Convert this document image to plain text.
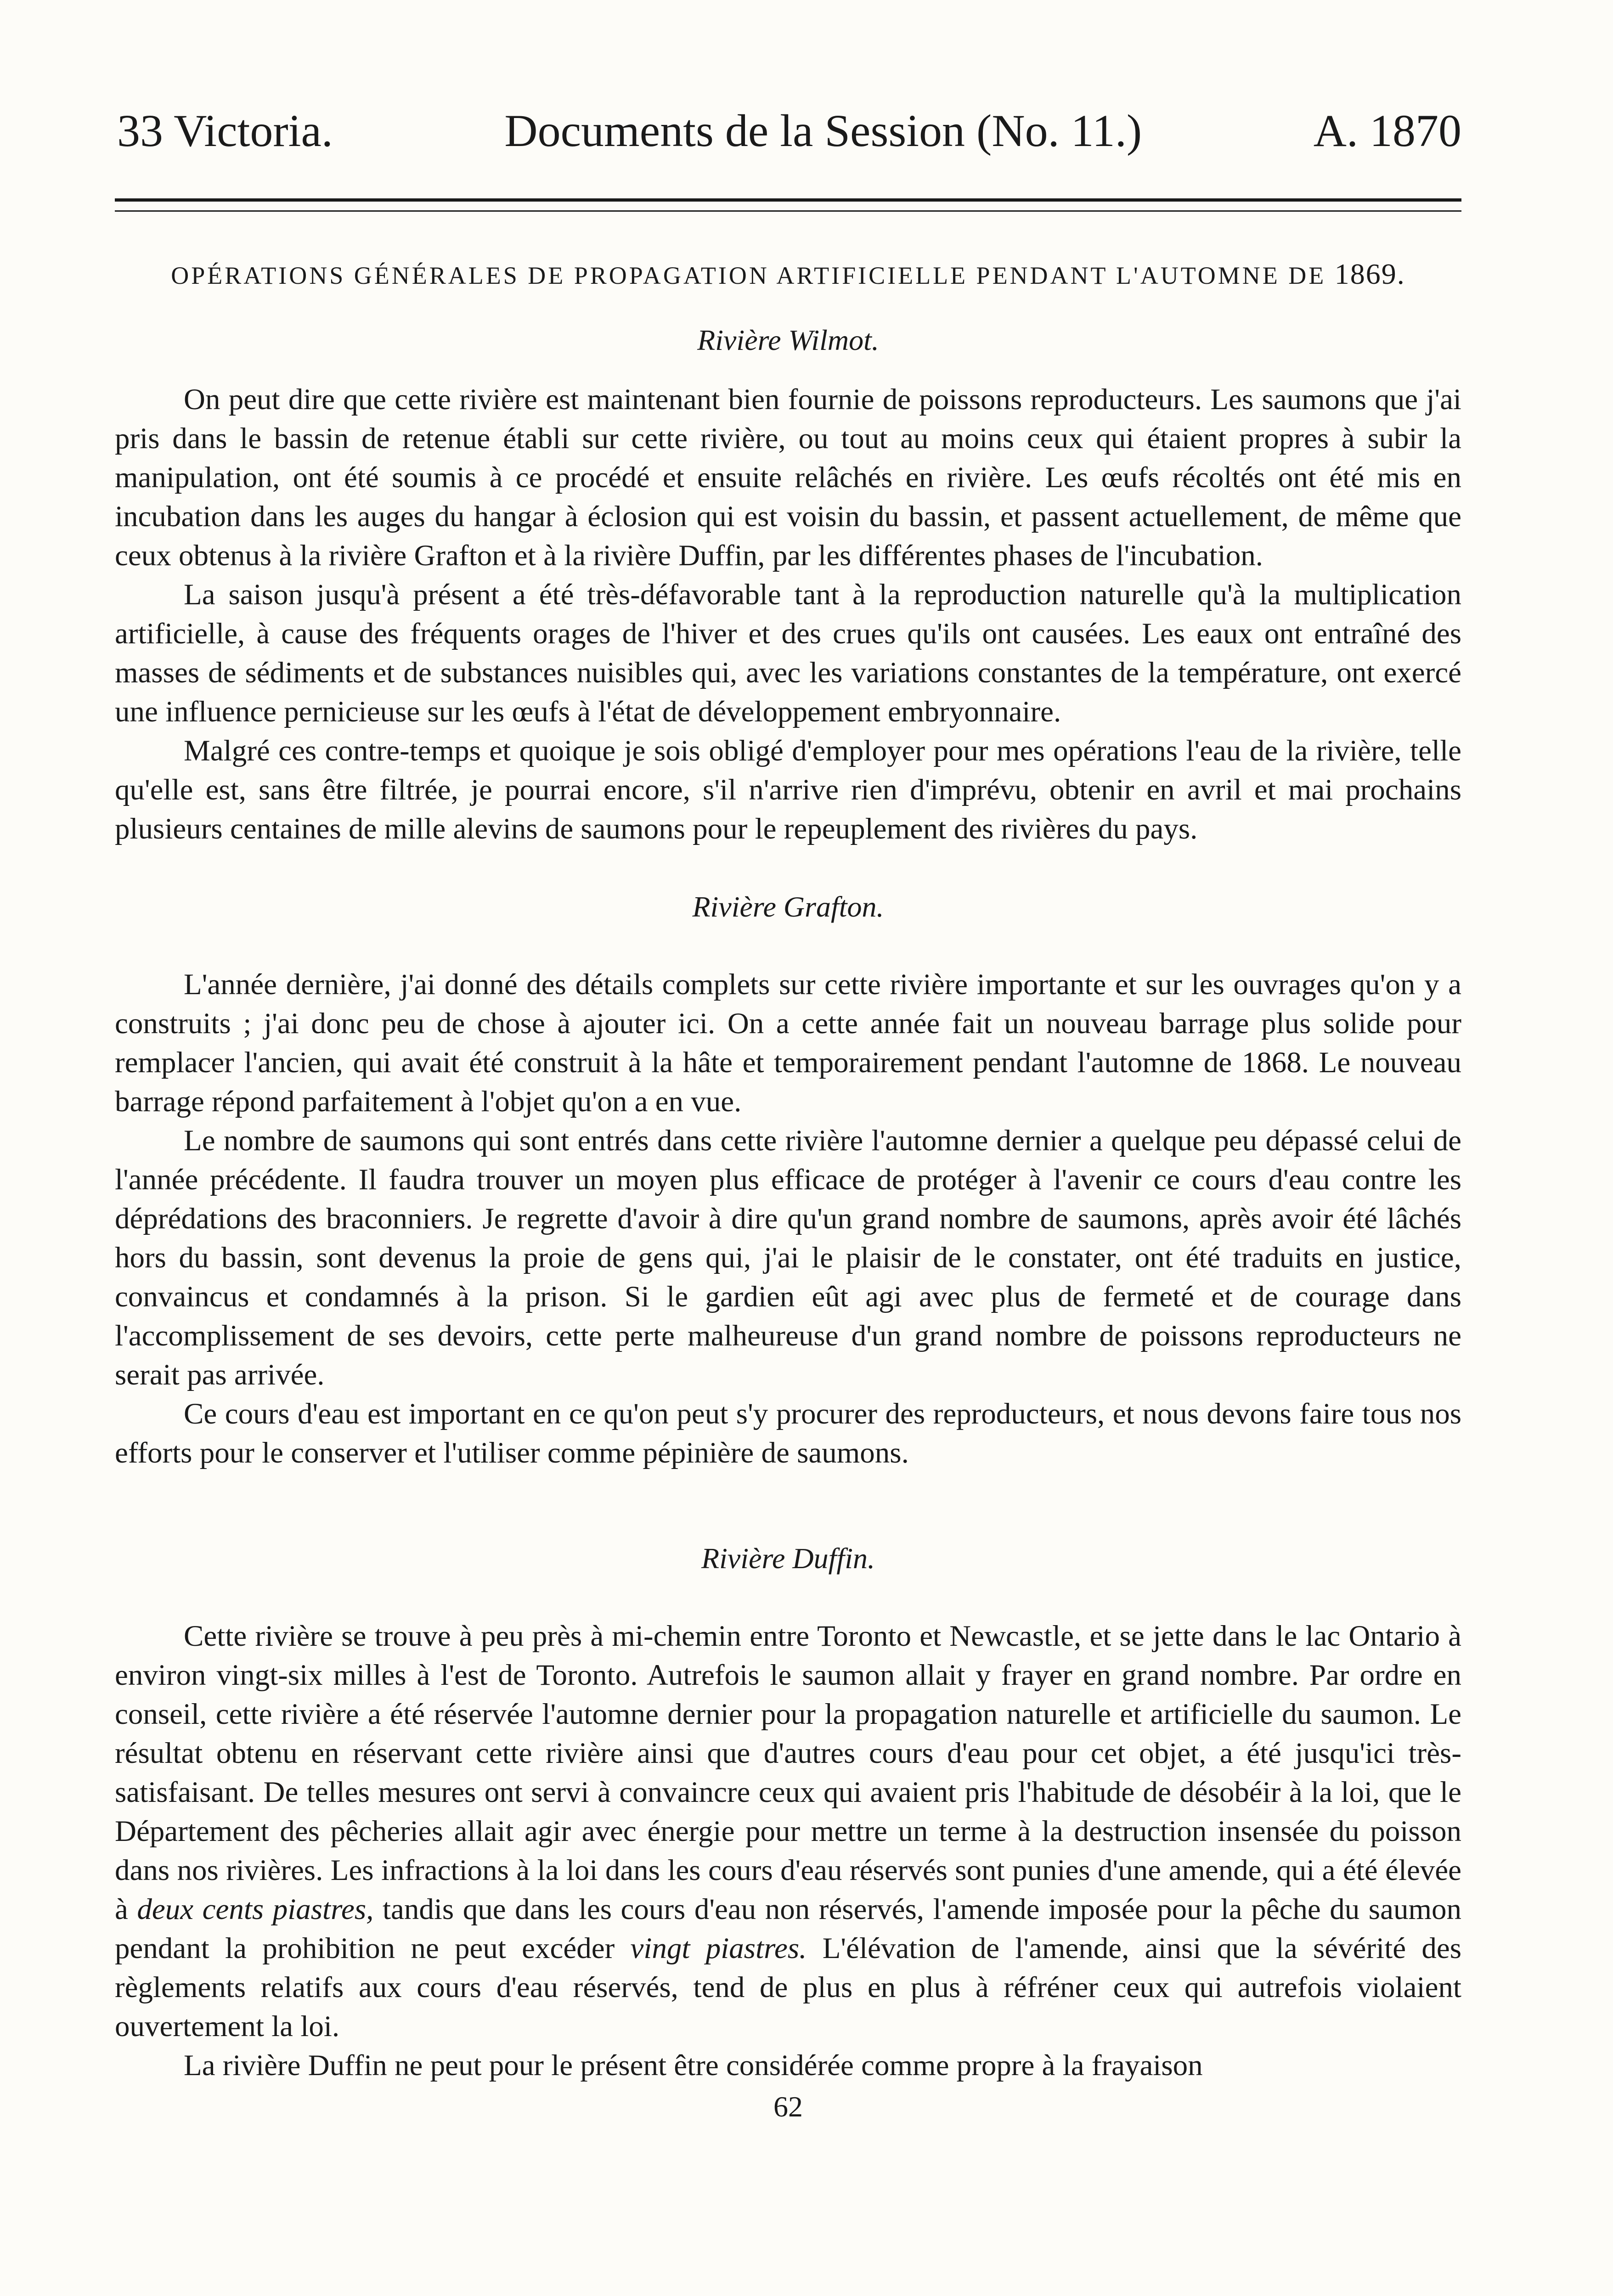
33 Victoria.	Documents de la Session (No. 11.)	A. 1870
OPÉRATIONS GÉNÉRALES DE PROPAGATION ARTIFICIELLE PENDANT L'AUTOMNE DE 1869.
Rivière Wilmot.

On peut dire que cette rivière est maintenant bien fournie de poissons reproducteurs. Les saumons que j'ai pris dans le bassin de retenue établi sur cette rivière, ou tout au moins ceux qui étaient propres à subir la manipulation, ont été soumis à ce procédé et ensuite relâchés en rivière. Les œufs récoltés ont été mis en incubation dans les auges du hangar à éclosion qui est voisin du bassin, et passent actuellement, de même que ceux obtenus à la rivière Grafton et à la rivière Duffin, par les différentes phases de l'incubation.

La saison jusqu'à présent a été très-défavorable tant à la reproduction naturelle qu'à la multiplication artificielle, à cause des fréquents orages de l'hiver et des crues qu'ils ont causées. Les eaux ont entraîné des masses de sédiments et de substances nuisibles qui, avec les variations constantes de la température, ont exercé une influence pernicieuse sur les œufs à l'état de développement embryonnaire.

Malgré ces contre-temps et quoique je sois obligé d'employer pour mes opérations l'eau de la rivière, telle qu'elle est, sans être filtrée, je pourrai encore, s'il n'arrive rien d'imprévu, obtenir en avril et mai prochains plusieurs centaines de mille alevins de saumons pour le repeuplement des rivières du pays.

Rivière Grafton.

L'année dernière, j'ai donné des détails complets sur cette rivière importante et sur les ouvrages qu'on y a construits ; j'ai donc peu de chose à ajouter ici. On a cette année fait un nouveau barrage plus solide pour remplacer l'ancien, qui avait été construit à la hâte et temporairement pendant l'automne de 1868. Le nouveau barrage répond parfaitement à l'objet qu'on a en vue.

Le nombre de saumons qui sont entrés dans cette rivière l'automne dernier a quelque peu dépassé celui de l'année précédente. Il faudra trouver un moyen plus efficace de protéger à l'avenir ce cours d'eau contre les déprédations des braconniers. Je regrette d'avoir à dire qu'un grand nombre de saumons, après avoir été lâchés hors du bassin, sont devenus la proie de gens qui, j'ai le plaisir de le constater, ont été traduits en justice, convaincus et condamnés à la prison. Si le gardien eût agi avec plus de fermeté et de courage dans l'accomplissement de ses devoirs, cette perte malheureuse d'un grand nombre de poissons reproducteurs ne serait pas arrivée.

Ce cours d'eau est important en ce qu'on peut s'y procurer des reproducteurs, et nous devons faire tous nos efforts pour le conserver et l'utiliser comme pépinière de saumons.

Rivière Duffin.

Cette rivière se trouve à peu près à mi-chemin entre Toronto et Newcastle, et se jette dans le lac Ontario à environ vingt-six milles à l'est de Toronto. Autrefois le saumon allait y frayer en grand nombre. Par ordre en conseil, cette rivière a été réservée l'automne dernier pour la propagation naturelle et artificielle du saumon. Le résultat obtenu en réservant cette rivière ainsi que d'autres cours d'eau pour cet objet, a été jusqu'ici très-satisfaisant. De telles mesures ont servi à convaincre ceux qui avaient pris l'habitude de désobéir à la loi, que le Département des pêcheries allait agir avec énergie pour mettre un terme à la destruction insensée du poisson dans nos rivières. Les infractions à la loi dans les cours d'eau réservés sont punies d'une amende, qui a été élevée à deux cents piastres, tandis que dans les cours d'eau non réservés, l'amende imposée pour la pêche du saumon pendant la prohibition ne peut excéder vingt piastres. L'élévation de l'amende, ainsi que la sévérité des règlements relatifs aux cours d'eau réservés, tend de plus en plus à réfréner ceux qui autrefois violaient ouvertement la loi.

La rivière Duffin ne peut pour le présent être considérée comme propre à la frayaison

62
